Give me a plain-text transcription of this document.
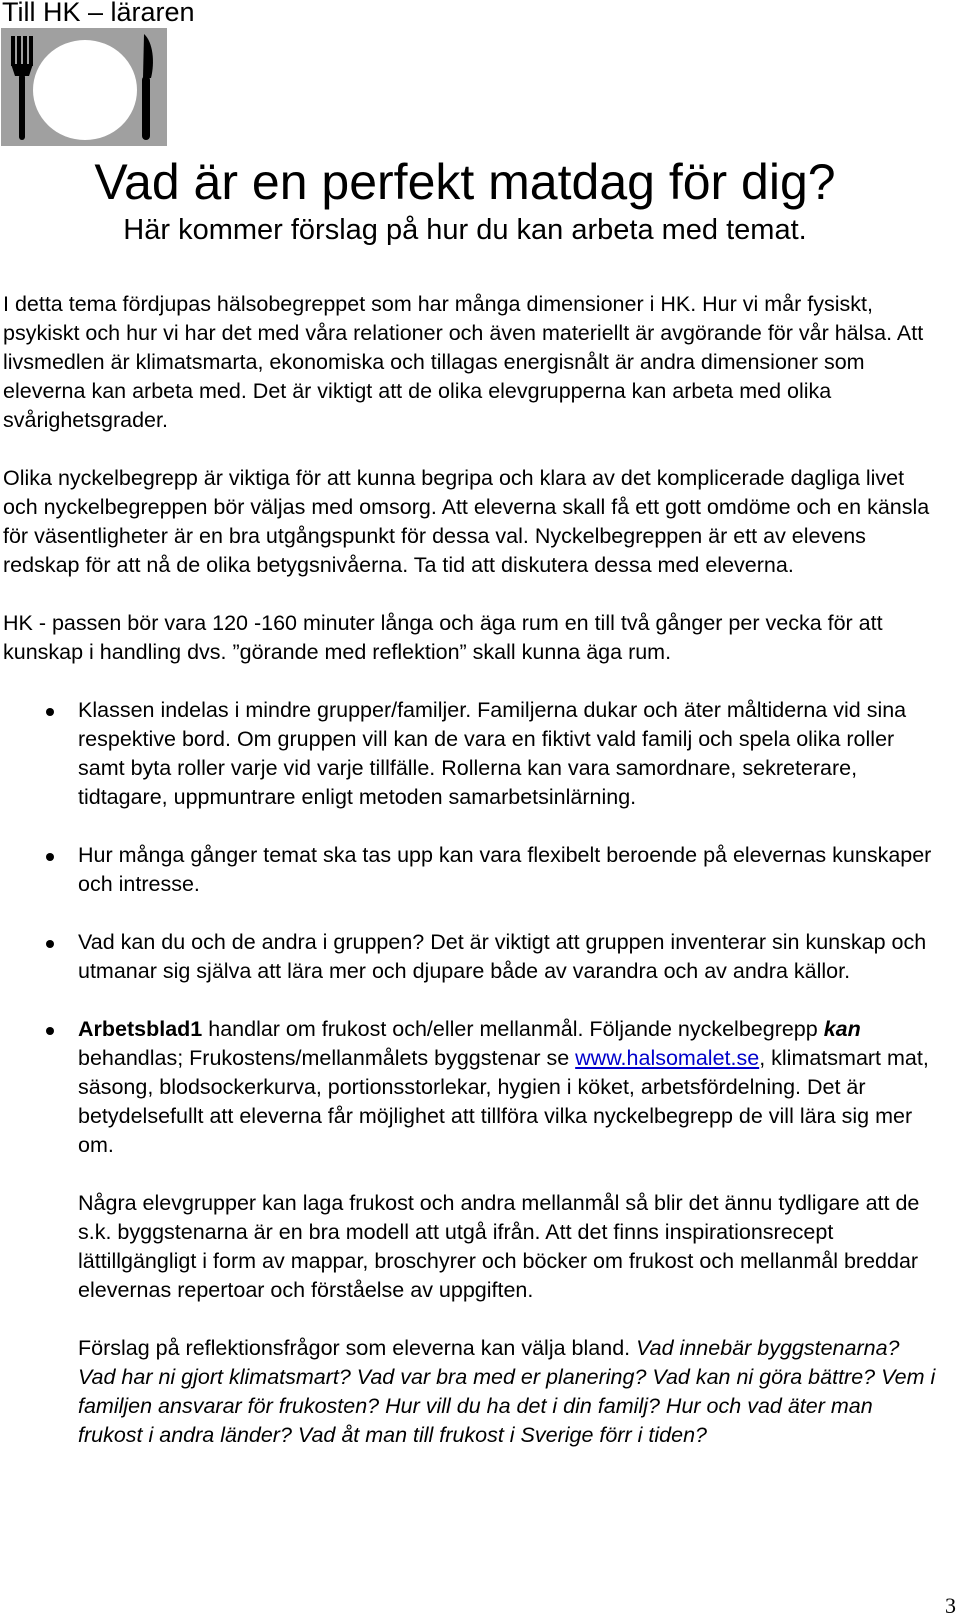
Till HK – läraren
Vad är en perfekt matdag för dig?
Här kommer förslag på hur du kan arbeta med temat.

I detta tema fördjupas hälsobegreppet som har många dimensioner i HK. Hur vi mår fysiskt, psykiskt och hur vi har det med våra relationer och även materiellt är avgörande för vår hälsa. Att livsmedlen är klimatsmarta, ekonomiska och tillagas energisnålt är andra dimensioner som eleverna kan arbeta med. Det är viktigt att de olika elevgrupperna kan arbeta med olika svårighetsgrader.

Olika nyckelbegrepp är viktiga för att kunna begripa och klara av det komplicerade dagliga livet och nyckelbegreppen bör väljas med omsorg. Att eleverna skall få ett gott omdöme och en känsla för väsentligheter är en bra utgångspunkt för dessa val. Nyckelbegreppen är ett av elevens redskap för att nå de olika betygsnivåerna. Ta tid att diskutera dessa med eleverna.

HK - passen bör vara 120 -160 minuter långa och äga rum en till två gånger per vecka för att kunskap i handling dvs. ”görande med reflektion” skall kunna äga rum.

Klassen indelas i mindre grupper/familjer. Familjerna dukar och äter måltiderna vid sina respektive bord. Om gruppen vill kan de vara en fiktivt vald familj och spela olika roller samt byta roller varje vid varje tillfälle. Rollerna kan vara samordnare, sekreterare, tidtagare, uppmuntrare enligt metoden samarbetsinlärning.
Hur många gånger temat ska tas upp kan vara flexibelt beroende på elevernas kunskaper och intresse.
Vad kan du och de andra i gruppen? Det är viktigt att gruppen inventerar sin kunskap och utmanar sig själva att lära mer och djupare både av varandra och av andra källor.
Arbetsblad1 handlar om frukost och/eller mellanmål. Följande nyckelbegrepp kan behandlas; Frukostens/mellanmålets byggstenar se www.halsomalet.se, klimatsmart mat, säsong, blodsockerkurva, portionsstorlekar, hygien i köket, arbetsfördelning. Det är betydelsefullt att eleverna får möjlighet att tillföra vilka nyckelbegrepp de vill lära sig mer om.

Några elevgrupper kan laga frukost och andra mellanmål så blir det ännu tydligare att de s.k. byggstenarna är en bra modell att utgå ifrån. Att det finns inspirationsrecept lättillgängligt i form av mappar, broschyrer och böcker om frukost och mellanmål breddar elevernas repertoar och förståelse av uppgiften.

Förslag på reflektionsfrågor som eleverna kan välja bland. Vad innebär byggstenarna? Vad har ni gjort klimatsmart? Vad var bra med er planering? Vad kan ni göra bättre? Vem i familjen ansvarar för frukosten? Hur vill du ha det i din familj? Hur och vad äter man frukost i andra länder? Vad åt man till frukost i Sverige förr i tiden?

3
